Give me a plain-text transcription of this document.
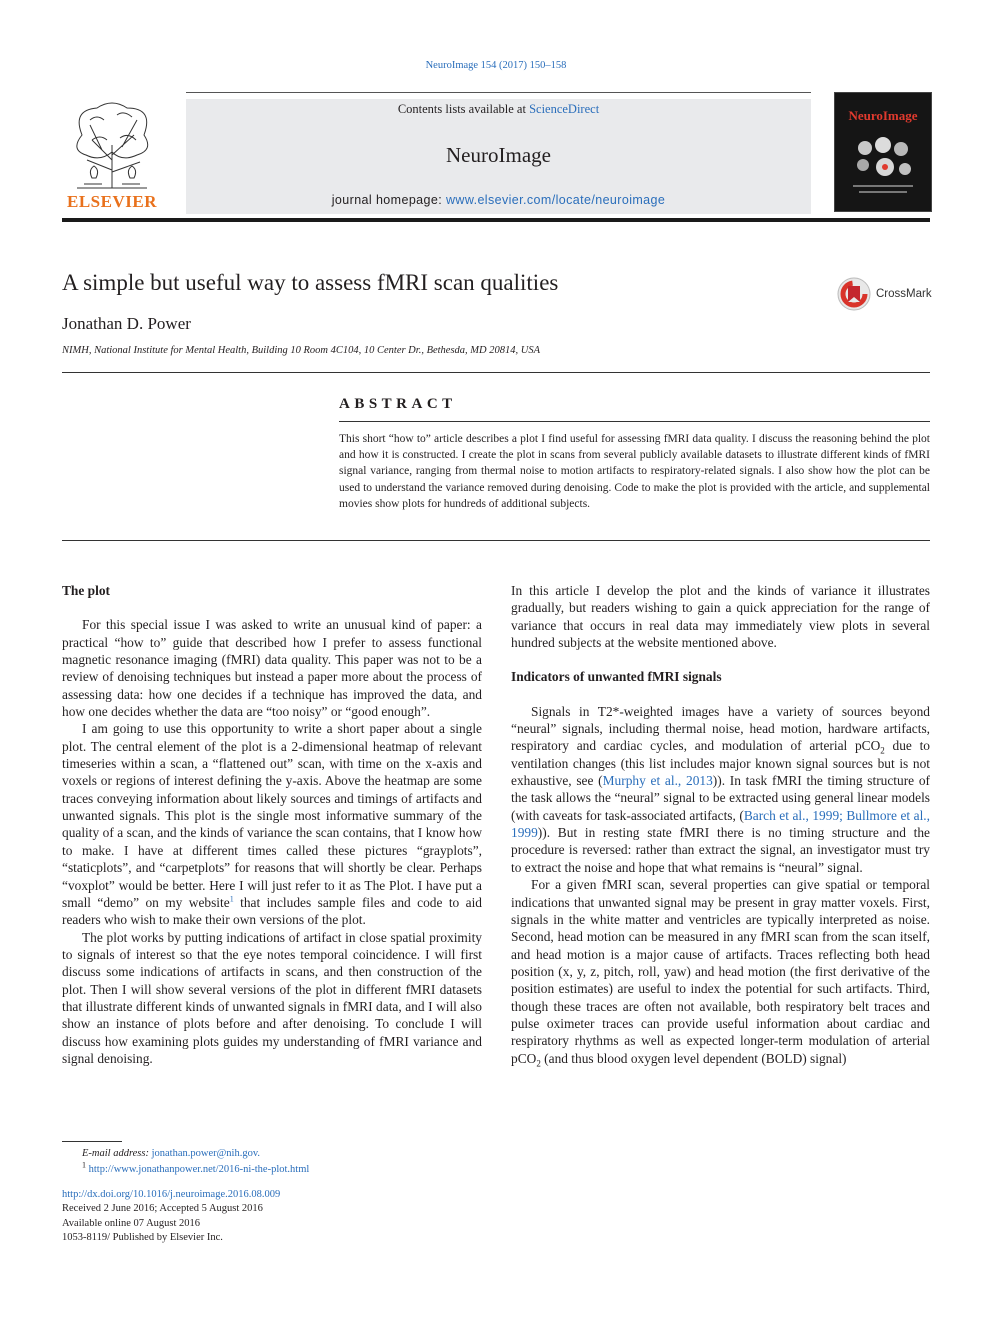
NeuroImage 154 (2017) 150–158
ELSEVIER
Contents lists available at ScienceDirect
NeuroImage
journal homepage: www.elsevier.com/locate/neuroimage
NeuroImage
A simple but useful way to assess fMRI scan qualities	CrossMark
Jonathan D. Power
NIMH, National Institute for Mental Health, Building 10 Room 4C104, 10 Center Dr., Bethesda, MD 20814, USA
ABSTRACT
This short “how to” article describes a plot I find useful for assessing fMRI data quality. I discuss the reasoning behind the plot and how it is constructed. I create the plot in scans from several publicly available datasets to illustrate different kinds of fMRI signal variance, ranging from thermal noise to motion artifacts to respiratory-related signals. I also show how the plot can be used to understand the variance removed during denoising. Code to make the plot is provided with the article, and supplemental movies show plots for hundreds of additional subjects.
The plot

For this special issue I was asked to write an unusual kind of paper: a practical “how to” guide that described how I prefer to assess functional magnetic resonance imaging (fMRI) data quality. This paper was not to be a review of denoising techniques but instead a paper more about the process of assessing data: how one decides if a technique has improved the data, and how one decides whether the data are “too noisy” or “good enough”.

I am going to use this opportunity to write a short paper about a single plot. The central element of the plot is a 2-dimensional heatmap of relevant timeseries within a scan, a “flattened out” scan, with time on the x-axis and voxels or regions of interest defining the y-axis. Above the heatmap are some traces conveying information about likely sources and timings of artifacts and unwanted signals. This plot is the single most informative summary of the quality of a scan, and the kinds of variance the scan contains, that I know how to make. I have at different times called these pictures “grayplots”, “staticplots”, and “carpetplots” for reasons that will shortly be clear. Perhaps “voxplot” would be better. Here I will just refer to it as The Plot. I have put a small “demo” on my website$^1$ that includes sample files and code to aid readers who wish to make their own versions of the plot.

The plot works by putting indications of artifact in close spatial proximity to signals of interest so that the eye notes temporal coincidence. I will first discuss some indications of artifacts in scans, and then construction of the plot. Then I will show several versions of the plot in different fMRI datasets that illustrate different kinds of unwanted signals in fMRI data, and I will also show an instance of plots before and after denoising. To conclude I will discuss how examining plots guides my understanding of fMRI variance and signal denoising.

In this article I develop the plot and the kinds of variance it illustrates gradually, but readers wishing to gain a quick appreciation for the range of variance that occurs in real data may immediately view plots in several hundred subjects at the website mentioned above.

Indicators of unwanted fMRI signals

Signals in T2*-weighted images have a variety of sources beyond “neural” signals, including thermal noise, head motion, hardware artifacts, respiratory and cardiac cycles, and modulation of arterial pCO$_2$ due to ventilation changes (this list includes major known signal sources but is not exhaustive, see (Murphy et al., 2013)). In task fMRI the timing structure of the task allows the “neural” signal to be extracted using general linear models (with caveats for task-associated artifacts, (Barch et al., 1999; Bullmore et al., 1999)). But in resting state fMRI there is no timing structure and the procedure is reversed: rather than extract the signal, an investigator must try to extract the noise and hope that what remains is “neural” signal.

For a given fMRI scan, several properties can give spatial or temporal indications that unwanted signal may be present in gray matter voxels. First, signals in the white matter and ventricles are typically interpreted as noise. Second, head motion can be measured in any fMRI scan from the scan itself, and head motion is a major cause of artifacts. Traces reflecting both head position (x, y, z, pitch, roll, yaw) and head motion (the first derivative of the position estimates) are useful to index the potential for such artifacts. Third, though these traces are often not available, both respiratory belt traces and pulse oximeter traces can provide useful information about cardiac and respiratory rhythms as well as expected longer-term modulation of arterial pCO$_2$ (and thus blood oxygen level dependent (BOLD) signal)

E-mail address: jonathan.power@nih.gov.
$^1$ http://www.jonathanpower.net/2016-ni-the-plot.html
http://dx.doi.org/10.1016/j.neuroimage.2016.08.009
Received 2 June 2016; Accepted 5 August 2016
Available online 07 August 2016
1053-8119/ Published by Elsevier Inc.
